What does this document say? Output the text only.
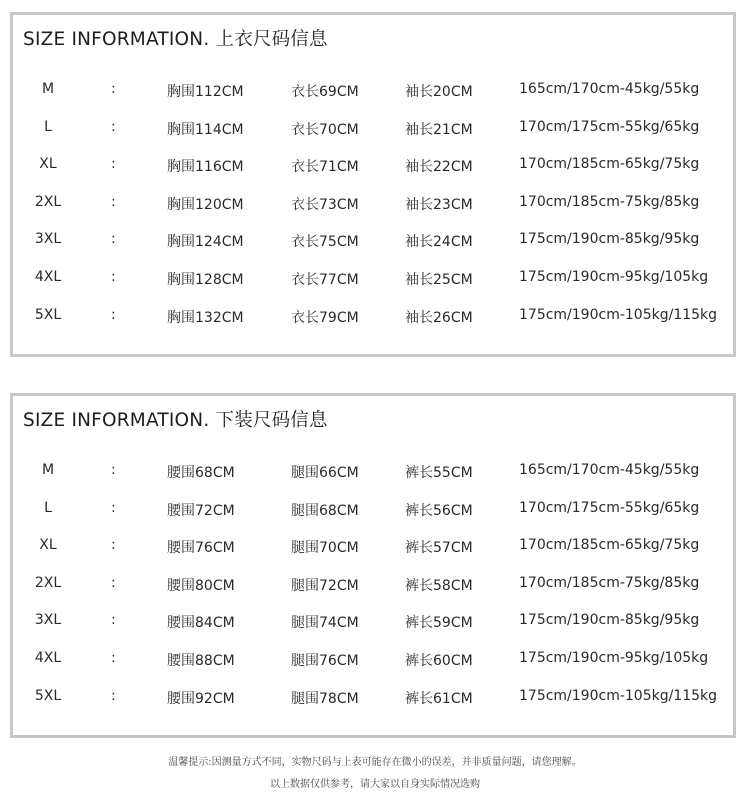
SIZE INFORMATION. 上衣尺码信息
M	:	胸围112CM	衣长69CM	袖长20CM	165cm/170cm-45kg/55kg
L	:	胸围114CM	衣长70CM	袖长21CM	170cm/175cm-55kg/65kg
XL	:	胸围116CM	衣长71CM	袖长22CM	170cm/185cm-65kg/75kg
2XL	:	胸围120CM	衣长73CM	袖长23CM	170cm/185cm-75kg/85kg
3XL	:	胸围124CM	衣长75CM	袖长24CM	175cm/190cm-85kg/95kg
4XL	:	胸围128CM	衣长77CM	袖长25CM	175cm/190cm-95kg/105kg
5XL	:	胸围132CM	衣长79CM	袖长26CM	175cm/190cm-105kg/115kg
SIZE INFORMATION. 下装尺码信息
M	:	腰围68CM	腿围66CM	裤长55CM	165cm/170cm-45kg/55kg
L	:	腰围72CM	腿围68CM	裤长56CM	170cm/175cm-55kg/65kg
XL	:	腰围76CM	腿围70CM	裤长57CM	170cm/185cm-65kg/75kg
2XL	:	腰围80CM	腿围72CM	裤长58CM	170cm/185cm-75kg/85kg
3XL	:	腰围84CM	腿围74CM	裤长59CM	175cm/190cm-85kg/95kg
4XL	:	腰围88CM	腿围76CM	裤长60CM	175cm/190cm-95kg/105kg
5XL	:	腰围92CM	腿围78CM	裤长61CM	175cm/190cm-105kg/115kg
温馨提示:因测量方式不同，实物尺码与上表可能存在微小的误差，并非质量问题，请您理解。
以上数据仅供参考，请大家以自身实际情况选购
